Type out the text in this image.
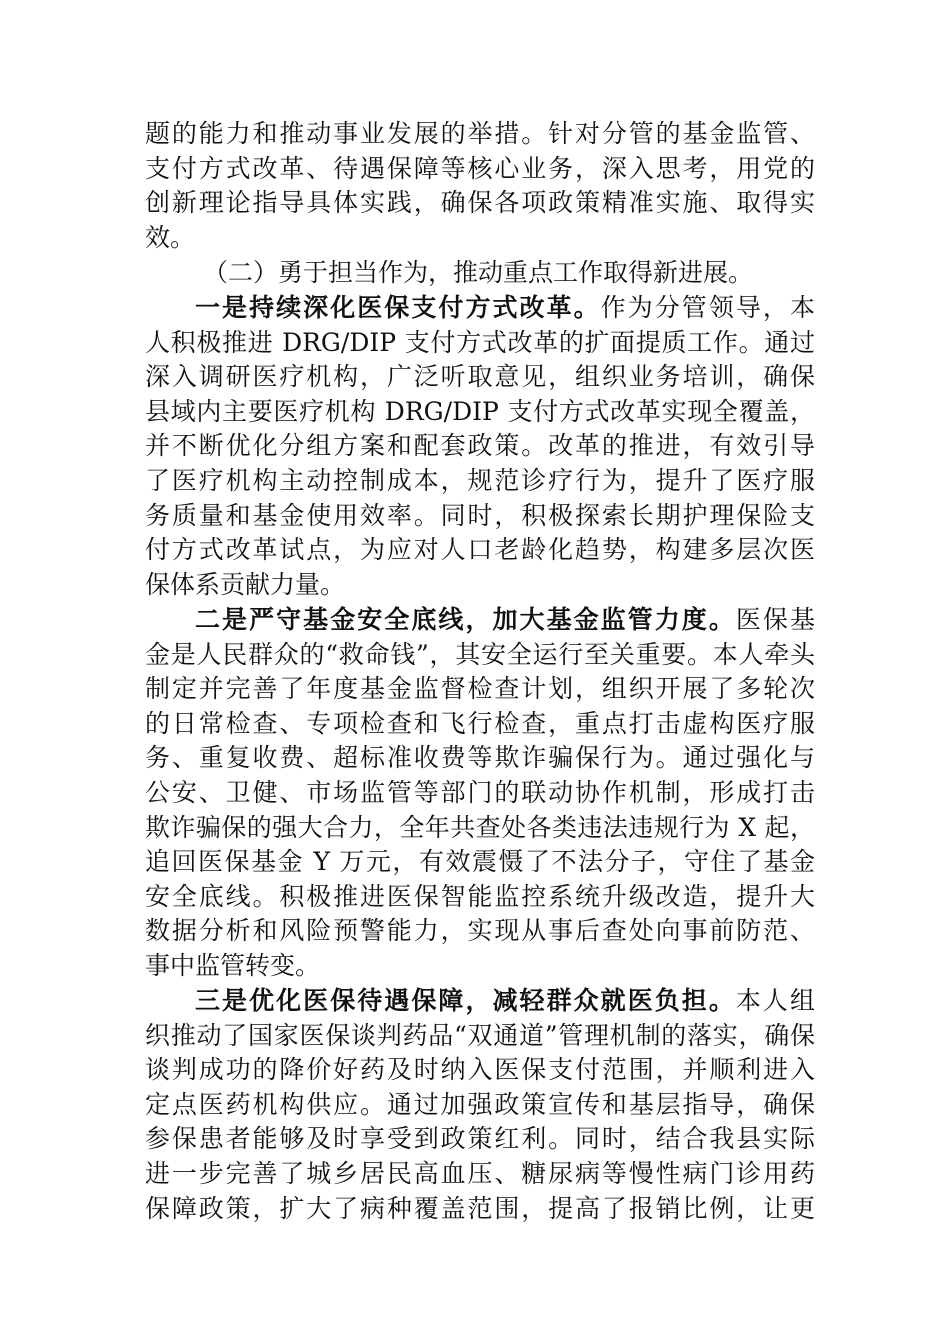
题的能力和推动事业发展的举措。针对分管的基金监管、
支付方式改革、待遇保障等核心业务，深入思考，用党的
创新理论指导具体实践，确保各项政策精准实施、取得实
效。

（二）勇于担当作为，推动重点工作取得新进展。

一是持续深化医保支付方式改革。作为分管领导，本
人积极推进 DRG/DIP 支付方式改革的扩面提质工作。通过
深入调研医疗机构，广泛听取意见，组织业务培训，确保
县域内主要医疗机构 DRG/DIP 支付方式改革实现全覆盖，
并不断优化分组方案和配套政策。改革的推进，有效引导
了医疗机构主动控制成本，规范诊疗行为，提升了医疗服
务质量和基金使用效率。同时，积极探索长期护理保险支
付方式改革试点，为应对人口老龄化趋势，构建多层次医
保体系贡献力量。

二是严守基金安全底线，加大基金监管力度。医保基
金是人民群众的“救命钱”，其安全运行至关重要。本人牵头
制定并完善了年度基金监督检查计划，组织开展了多轮次
的日常检查、专项检查和飞行检查，重点打击虚构医疗服
务、重复收费、超标准收费等欺诈骗保行为。通过强化与
公安、卫健、市场监管等部门的联动协作机制，形成打击
欺诈骗保的强大合力，全年共查处各类违法违规行为 X 起，
追回医保基金 Y 万元，有效震慑了不法分子，守住了基金
安全底线。积极推进医保智能监控系统升级改造，提升大
数据分析和风险预警能力，实现从事后查处向事前防范、
事中监管转变。

三是优化医保待遇保障，减轻群众就医负担。本人组
织推动了国家医保谈判药品“双通道”管理机制的落实，确保
谈判成功的降价好药及时纳入医保支付范围，并顺利进入
定点医药机构供应。通过加强政策宣传和基层指导，确保
参保患者能够及时享受到政策红利。同时，结合我县实际
进一步完善了城乡居民高血压、糖尿病等慢性病门诊用药
保障政策，扩大了病种覆盖范围，提高了报销比例，让更
